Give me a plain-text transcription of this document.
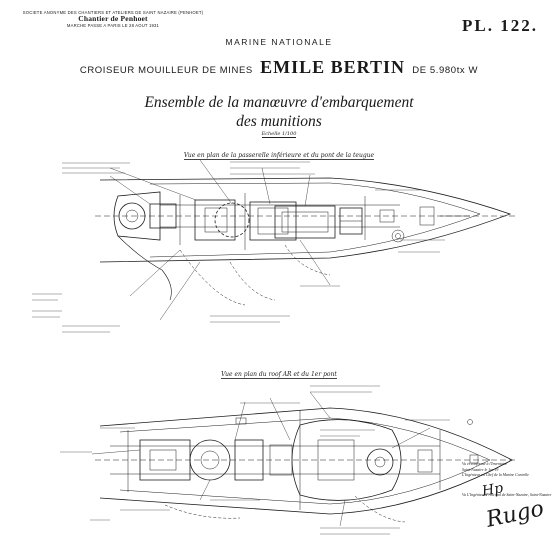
SOCIETE ANONYME DES CHANTIERS ET ATELIERS DE SAINT NAZAIRE (PENHOET)
Chantier de Penhoet
MARCHE PASSE A PARIS LE 28 AOUT 1931	PL. 122.
MARINE NATIONALE
CROISEUR MOUILLEUR DE MINES EMILE BERTIN DE 5.980tx W
Ensemble de la manœuvre d'embarquement
des munitions
Echelle 1/100
Vue en plan de la passerelle inférieure et du pont de la teugue
Vue en plan du roof AR et du 1er pont
Vu et conforme à l'Inventaire
Saint-Nazaire le 1er 19
L'Ingénieur en Chef de la Marine Contrôle
Vu L'Ingénieur Principal de Saint-Nazaire, Saint-Nazaire
Hp
Rugo
